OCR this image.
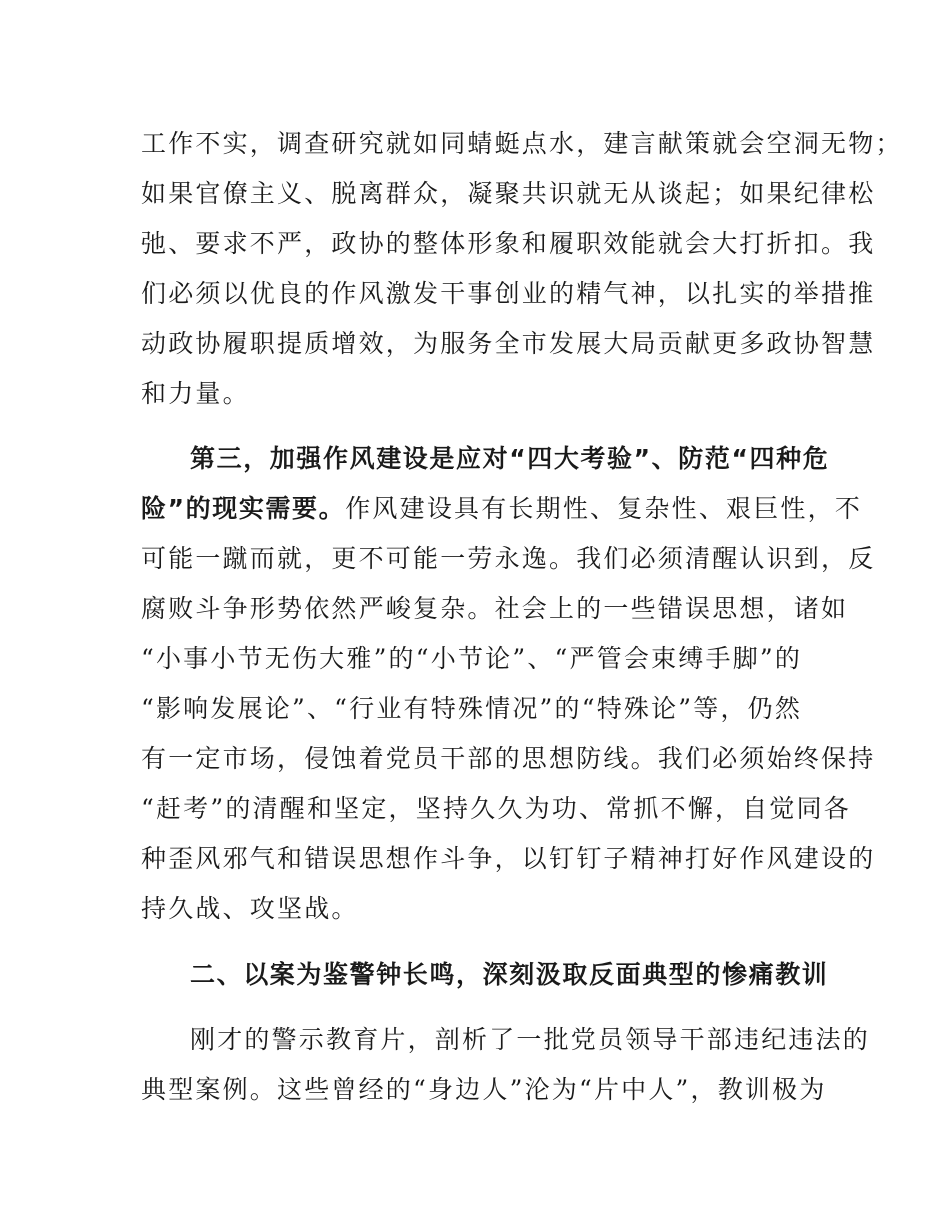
工作不实，调查研究就如同蜻蜓点水，建言献策就会空洞无物；
如果官僚主义、脱离群众，凝聚共识就无从谈起；如果纪律松
弛、要求不严，政协的整体形象和履职效能就会大打折扣。我
们必须以优良的作风激发干事创业的精气神，以扎实的举措推
动政协履职提质增效，为服务全市发展大局贡献更多政协智慧
和力量。
第三，加强作风建设是应对“四大考验”、防范“四种危
险”的现实需要。作风建设具有长期性、复杂性、艰巨性，不
可能一蹴而就，更不可能一劳永逸。我们必须清醒认识到，反
腐败斗争形势依然严峻复杂。社会上的一些错误思想，诸如
“小事小节无伤大雅”的“小节论”、“严管会束缚手脚”的
“影响发展论”、“行业有特殊情况”的“特殊论”等，仍然
有一定市场，侵蚀着党员干部的思想防线。我们必须始终保持
“赶考”的清醒和坚定，坚持久久为功、常抓不懈，自觉同各
种歪风邪气和错误思想作斗争，以钉钉子精神打好作风建设的
持久战、攻坚战。
二、以案为鉴警钟长鸣，深刻汲取反面典型的惨痛教训
刚才的警示教育片，剖析了一批党员领导干部违纪违法的
典型案例。这些曾经的“身边人”沦为“片中人”，教训极为
